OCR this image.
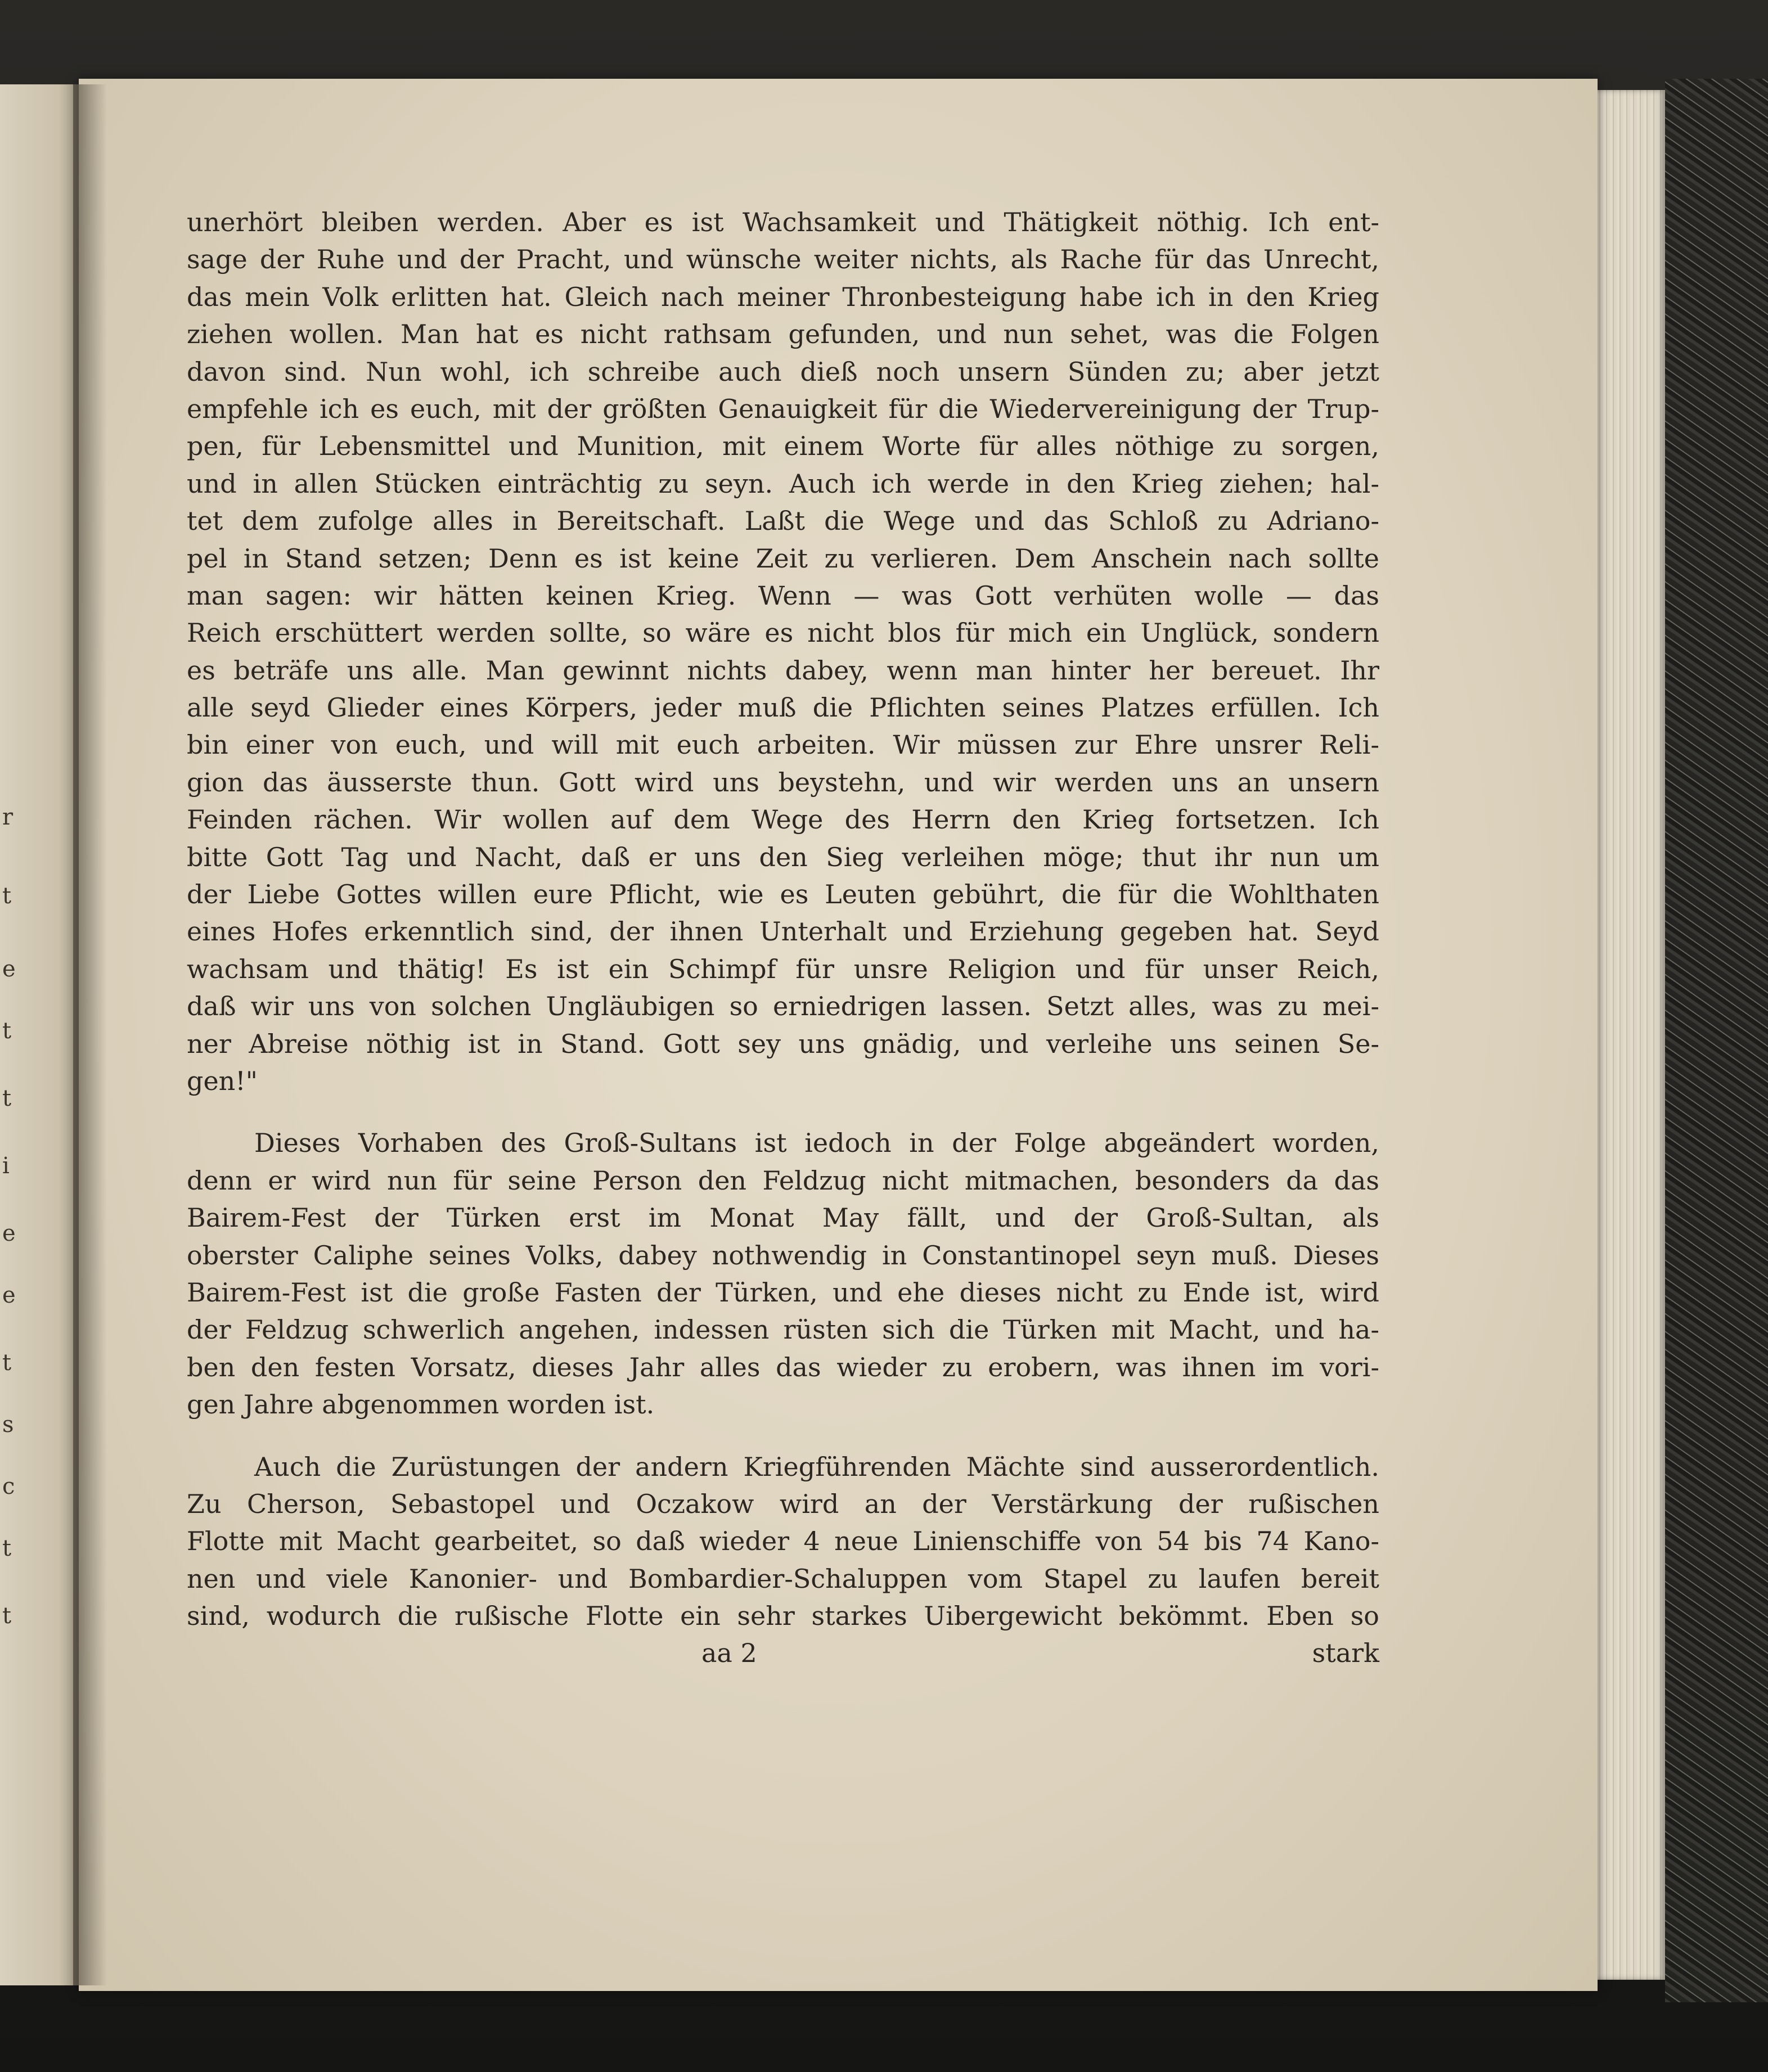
r
t
e
t
t
i
e
e
t
s
c
t
t
unerhört bleiben werden. Aber es ist Wachsamkeit und Thätigkeit nöthig. Ich ent-
sage der Ruhe und der Pracht, und wünsche weiter nichts, als Rache für das Unrecht,
das mein Volk erlitten hat. Gleich nach meiner Thronbesteigung habe ich in den Krieg
ziehen wollen. Man hat es nicht rathsam gefunden, und nun sehet, was die Folgen
davon sind. Nun wohl, ich schreibe auch dieß noch unsern Sünden zu; aber jetzt
empfehle ich es euch, mit der größten Genauigkeit für die Wiedervereinigung der Trup-
pen, für Lebensmittel und Munition, mit einem Worte für alles nöthige zu sorgen,
und in allen Stücken einträchtig zu seyn. Auch ich werde in den Krieg ziehen; hal-
tet dem zufolge alles in Bereitschaft. Laßt die Wege und das Schloß zu Adriano-
pel in Stand setzen; Denn es ist keine Zeit zu verlieren. Dem Anschein nach sollte
man sagen: wir hätten keinen Krieg. Wenn — was Gott verhüten wolle — das
Reich erschüttert werden sollte, so wäre es nicht blos für mich ein Unglück, sondern
es beträfe uns alle. Man gewinnt nichts dabey, wenn man hinter her bereuet. Ihr
alle seyd Glieder eines Körpers, jeder muß die Pflichten seines Platzes erfüllen. Ich
bin einer von euch, und will mit euch arbeiten. Wir müssen zur Ehre unsrer Reli-
gion das äusserste thun. Gott wird uns beystehn, und wir werden uns an unsern
Feinden rächen. Wir wollen auf dem Wege des Herrn den Krieg fortsetzen. Ich
bitte Gott Tag und Nacht, daß er uns den Sieg verleihen möge; thut ihr nun um
der Liebe Gottes willen eure Pflicht, wie es Leuten gebührt, die für die Wohlthaten
eines Hofes erkenntlich sind, der ihnen Unterhalt und Erziehung gegeben hat. Seyd
wachsam und thätig! Es ist ein Schimpf für unsre Religion und für unser Reich,
daß wir uns von solchen Ungläubigen so erniedrigen lassen. Setzt alles, was zu mei-
ner Abreise nöthig ist in Stand. Gott sey uns gnädig, und verleihe uns seinen Se-
gen!"
Dieses Vorhaben des Groß-Sultans ist iedoch in der Folge abgeändert worden,
denn er wird nun für seine Person den Feldzug nicht mitmachen, besonders da das
Bairem-Fest der Türken erst im Monat May fällt, und der Groß-Sultan, als
oberster Caliphe seines Volks, dabey nothwendig in Constantinopel seyn muß. Dieses
Bairem-Fest ist die große Fasten der Türken, und ehe dieses nicht zu Ende ist, wird
der Feldzug schwerlich angehen, indessen rüsten sich die Türken mit Macht, und ha-
ben den festen Vorsatz, dieses Jahr alles das wieder zu erobern, was ihnen im vori-
gen Jahre abgenommen worden ist.
Auch die Zurüstungen der andern Kriegführenden Mächte sind ausserordentlich.
Zu Cherson, Sebastopel und Oczakow wird an der Verstärkung der rußischen
Flotte mit Macht gearbeitet, so daß wieder 4 neue Linienschiffe von 54 bis 74 Kano-
nen und viele Kanonier- und Bombardier-Schaluppen vom Stapel zu laufen bereit
sind, wodurch die rußische Flotte ein sehr starkes Uibergewicht bekömmt. Eben so
aa 2	stark
